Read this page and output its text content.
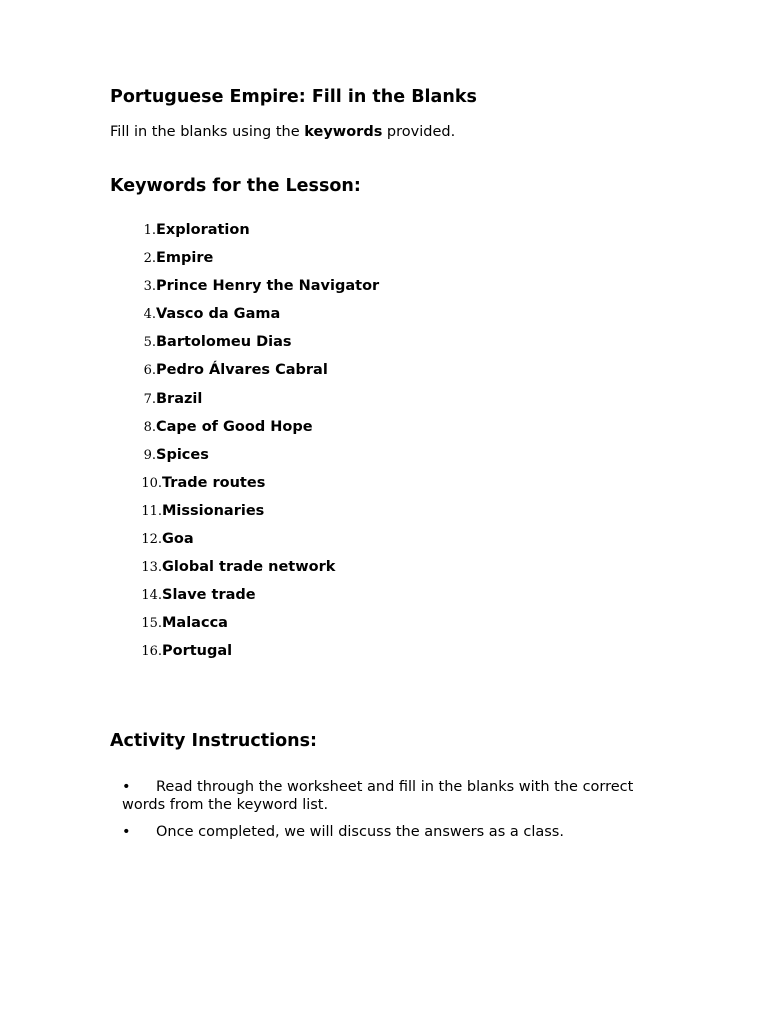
Portuguese Empire: Fill in the Blanks

Fill in the blanks using the keywords provided.

Keywords for the Lesson:
1. Exploration
2. Empire
3. Prince Henry the Navigator
4. Vasco da Gama
5. Bartolomeu Dias
6. Pedro Álvares Cabral
7. Brazil
8. Cape of Good Hope
9. Spices
10. Trade routes
11. Missionaries
12. Goa
13. Global trade network
14. Slave trade
15. Malacca
16. Portugal
Activity Instructions:
• Read through the worksheet and fill in the blanks with the correct words from the keyword list.
• Once completed, we will discuss the answers as a class.
